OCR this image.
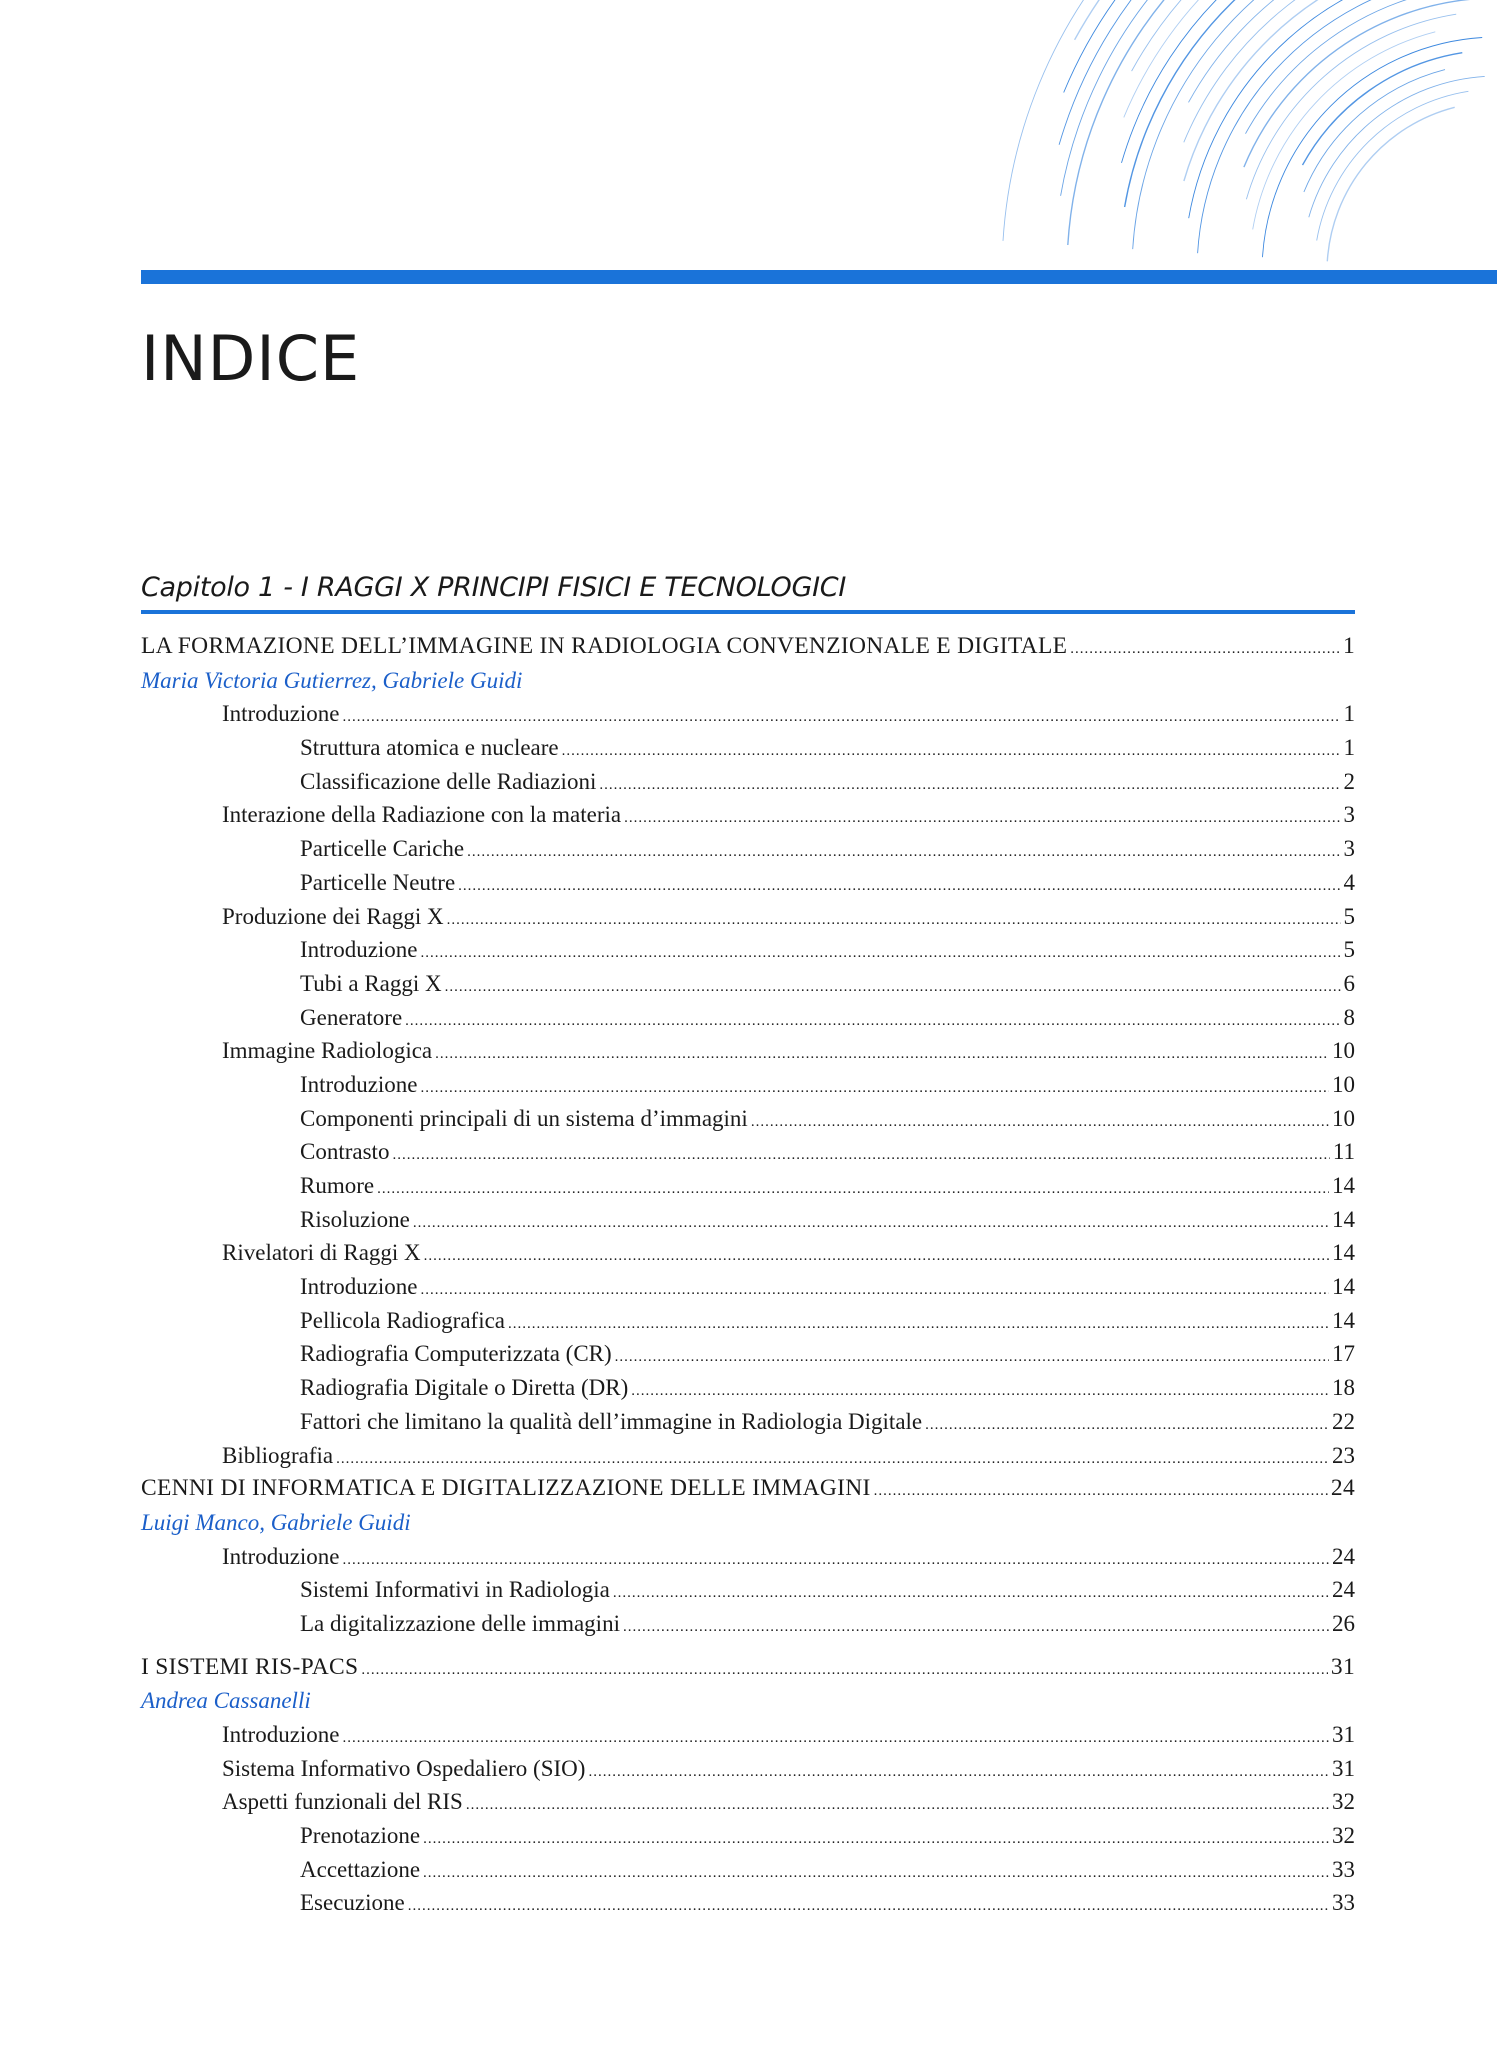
INDICE
Capitolo 1 - I RAGGI X PRINCIPI FISICI E TECNOLOGICI
LA FORMAZIONE DELL’IMMAGINE IN RADIOLOGIA CONVENZIONALE E DIGITALE .....	1
Maria Victoria Gutierrez, Gabriele Guidi
Introduzione .....	1
Struttura atomica e nucleare .....	1
Classificazione delle Radiazioni .....	2
Interazione della Radiazione con la materia .....	3
Particelle Cariche .....	3
Particelle Neutre .....	4
Produzione dei Raggi X .....	5
Introduzione .....	5
Tubi a Raggi X .....	6
Generatore .....	8
Immagine Radiologica .....	10
Introduzione .....	10
Componenti principali di un sistema d’immagini .....	10
Contrasto .....	11
Rumore .....	14
Risoluzione .....	14
Rivelatori di Raggi X .....	14
Introduzione .....	14
Pellicola Radiografica .....	14
Radiografia Computerizzata (CR) .....	17
Radiografia Digitale o Diretta (DR) .....	18
Fattori che limitano la qualità dell’immagine in Radiologia Digitale .....	22
Bibliografia .....	23
CENNI DI INFORMATICA E DIGITALIZZAZIONE DELLE IMMAGINI .....	24
Luigi Manco, Gabriele Guidi
Introduzione .....	24
Sistemi Informativi in Radiologia .....	24
La digitalizzazione delle immagini .....	26
I SISTEMI RIS-PACS .....	31
Andrea Cassanelli
Introduzione .....	31
Sistema Informativo Ospedaliero (SIO) .....	31
Aspetti funzionali del RIS .....	32
Prenotazione .....	32
Accettazione .....	33
Esecuzione .....	33
